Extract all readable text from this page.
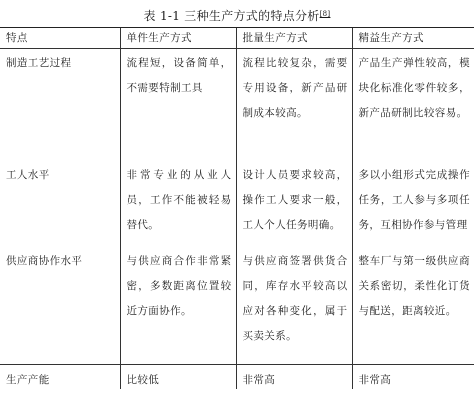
表 1-1 三种生产方式的特点分析[8]
特点	单件生产方式	批量生产方式	精益生产方式
制造工艺过程	流程短，设备简单，不需要特制工具	流程比较复杂，需要专用设备，新产品研制成本较高。	产品生产弹性较高，模块化标准化零件较多，新产品研制比较容易。
工人水平	非常专业的从业人员，工作不能被轻易替代。	设计人员要求较高，操作工人要求一般，工人个人任务明确。	多以小组形式完成操作任务，工人参与多项任务，互相协作参与管理
供应商协作水平	与供应商合作非常紧密，多数距离位置较近方面协作。	与供应商签署供货合同，库存水平较高以应对各种变化，属于买卖关系。	整车厂与第一级供应商关系密切，柔性化订货与配送，距离较近。
生产产能	比较低	非常高	非常高
